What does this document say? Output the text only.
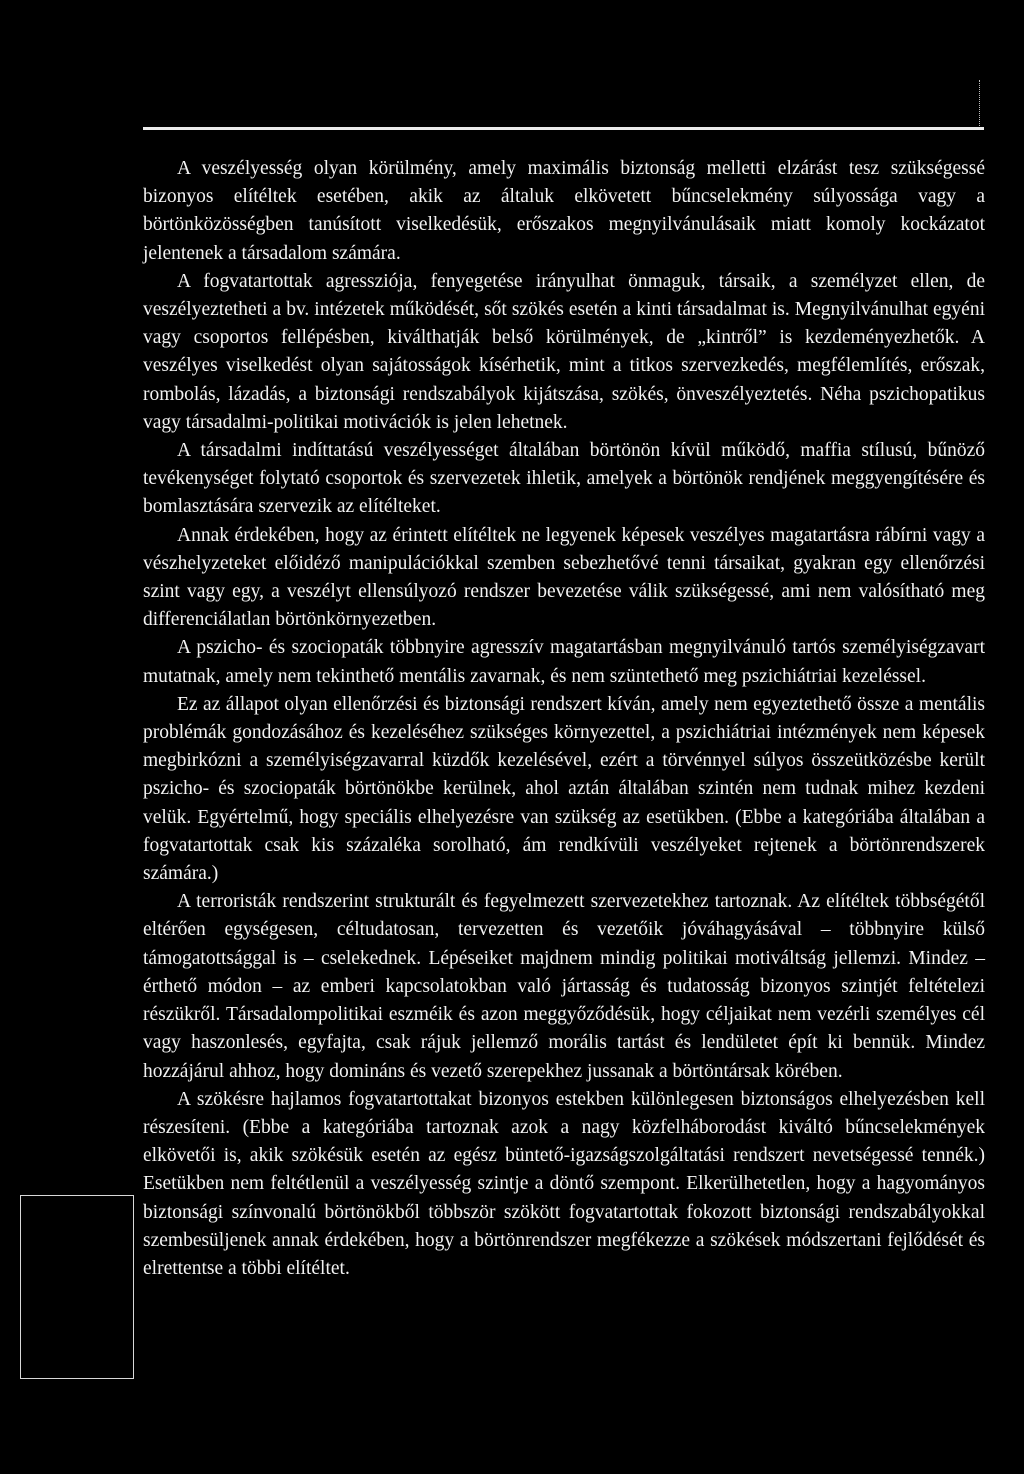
A veszélyesség olyan körülmény, amely maximális biztonság melletti elzárást tesz szükségessé bizonyos elítéltek esetében, akik az általuk elkövetett bűncselekmény súlyossága vagy a börtönközösségben tanúsított viselkedésük, erőszakos megnyilvánulásaik miatt komoly kockázatot jelentenek a társadalom számára.

A fogvatartottak agressziója, fenyegetése irányulhat önmaguk, társaik, a személyzet ellen, de veszélyeztetheti a bv. intézetek működését, sőt szökés esetén a kinti társadalmat is. Megnyilvánulhat egyéni vagy csoportos fellépésben, kiválthatják belső körülmények, de „kintről” is kezdeményezhetők. A veszélyes viselkedést olyan sajátosságok kísérhetik, mint a titkos szervezkedés, megfélemlítés, erőszak, rombolás, lázadás, a biztonsági rendszabályok kijátszása, szökés, önveszélyeztetés. Néha pszichopatikus vagy társadalmi-politikai motivációk is jelen lehetnek.

A társadalmi indíttatású veszélyességet általában börtönön kívül működő, maffia stílusú, bűnöző tevékenységet folytató csoportok és szervezetek ihletik, amelyek a börtönök rendjének meggyengítésére és bomlasztására szervezik az elítélteket.

Annak érdekében, hogy az érintett elítéltek ne legyenek képesek veszélyes magatartásra rábírni vagy a vészhelyzeteket előidéző manipulációkkal szemben sebezhetővé tenni társaikat, gyakran egy ellenőrzési szint vagy egy, a veszélyt ellensúlyozó rendszer bevezetése válik szükségessé, ami nem valósítható meg differenciálatlan börtönkörnyezetben.

A pszicho- és szociopaták többnyire agresszív magatartásban megnyilvánuló tartós személyiségzavart mutatnak, amely nem tekinthető mentális zavarnak, és nem szüntethető meg pszichiátriai kezeléssel.

Ez az állapot olyan ellenőrzési és biztonsági rendszert kíván, amely nem egyeztethető össze a mentális problémák gondozásához és kezeléséhez szükséges környezettel, a pszichiátriai intézmények nem képesek megbirkózni a személyiségzavarral küzdők kezelésével, ezért a törvénnyel súlyos összeütközésbe került pszicho- és szociopaták börtönökbe kerülnek, ahol aztán általában szintén nem tudnak mihez kezdeni velük. Egyértelmű, hogy speciális elhelyezésre van szükség az esetükben. (Ebbe a kategóriába általában a fogvatartottak csak kis százaléka sorolható, ám rendkívüli veszélyeket rejtenek a börtönrendszerek számára.)

A terroristák rendszerint strukturált és fegyelmezett szervezetekhez tartoznak. Az elítéltek többségétől eltérően egységesen, céltudatosan, tervezetten és vezetőik jóváhagyásával – többnyire külső támogatottsággal is – cselekednek. Lépéseiket majdnem mindig politikai motiváltság jellemzi. Mindez – érthető módon – az emberi kapcsolatokban való jártasság és tudatosság bizonyos szintjét feltételezi részükről. Társadalompolitikai eszméik és azon meggyőződésük, hogy céljaikat nem vezérli személyes cél vagy haszonlesés, egyfajta, csak rájuk jellemző morális tartást és lendületet épít ki bennük. Mindez hozzájárul ahhoz, hogy domináns és vezető szerepekhez jussanak a börtöntársak körében.

A szökésre hajlamos fogvatartottakat bizonyos estekben különlegesen biztonságos elhelyezésben kell részesíteni. (Ebbe a kategóriába tartoznak azok a nagy közfelháborodást kiváltó bűncselekmények elkövetői is, akik szökésük esetén az egész büntető-igazságszolgáltatási rendszert nevetségessé tennék.) Esetükben nem feltétlenül a veszélyesség szintje a döntő szempont. Elkerülhetetlen, hogy a hagyományos biztonsági színvonalú börtönökből többször szökött fogvatartottak fokozott biztonsági rendszabályokkal szembesüljenek annak érdekében, hogy a börtönrendszer megfékezze a szökések módszertani fejlődését és elrettentse a többi elítéltet.
